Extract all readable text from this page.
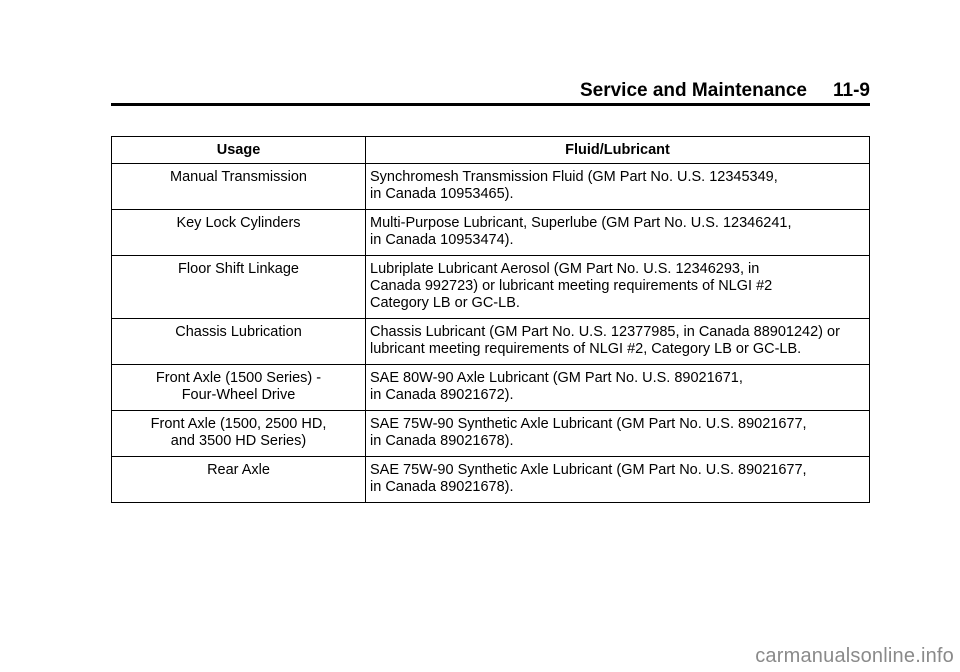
Service and Maintenance 11-9
Usage	Fluid/Lubricant
Manual Transmission	Synchromesh Transmission Fluid (GM Part No. U.S. 12345349,
in Canada 10953465).
Key Lock Cylinders	Multi-Purpose Lubricant, Superlube (GM Part No. U.S. 12346241,
in Canada 10953474).
Floor Shift Linkage	Lubriplate Lubricant Aerosol (GM Part No. U.S. 12346293, in
Canada 992723) or lubricant meeting requirements of NLGI #2
Category LB or GC-LB.
Chassis Lubrication	Chassis Lubricant (GM Part No. U.S. 12377985, in Canada 88901242) or
lubricant meeting requirements of NLGI #2, Category LB or GC-LB.
Front Axle (1500 Series) -
Four-Wheel Drive	SAE 80W-90 Axle Lubricant (GM Part No. U.S. 89021671,
in Canada 89021672).
Front Axle (1500, 2500 HD,
and 3500 HD Series)	SAE 75W-90 Synthetic Axle Lubricant (GM Part No. U.S. 89021677,
in Canada 89021678).
Rear Axle	SAE 75W-90 Synthetic Axle Lubricant (GM Part No. U.S. 89021677,
in Canada 89021678).
carmanualsonline.info
